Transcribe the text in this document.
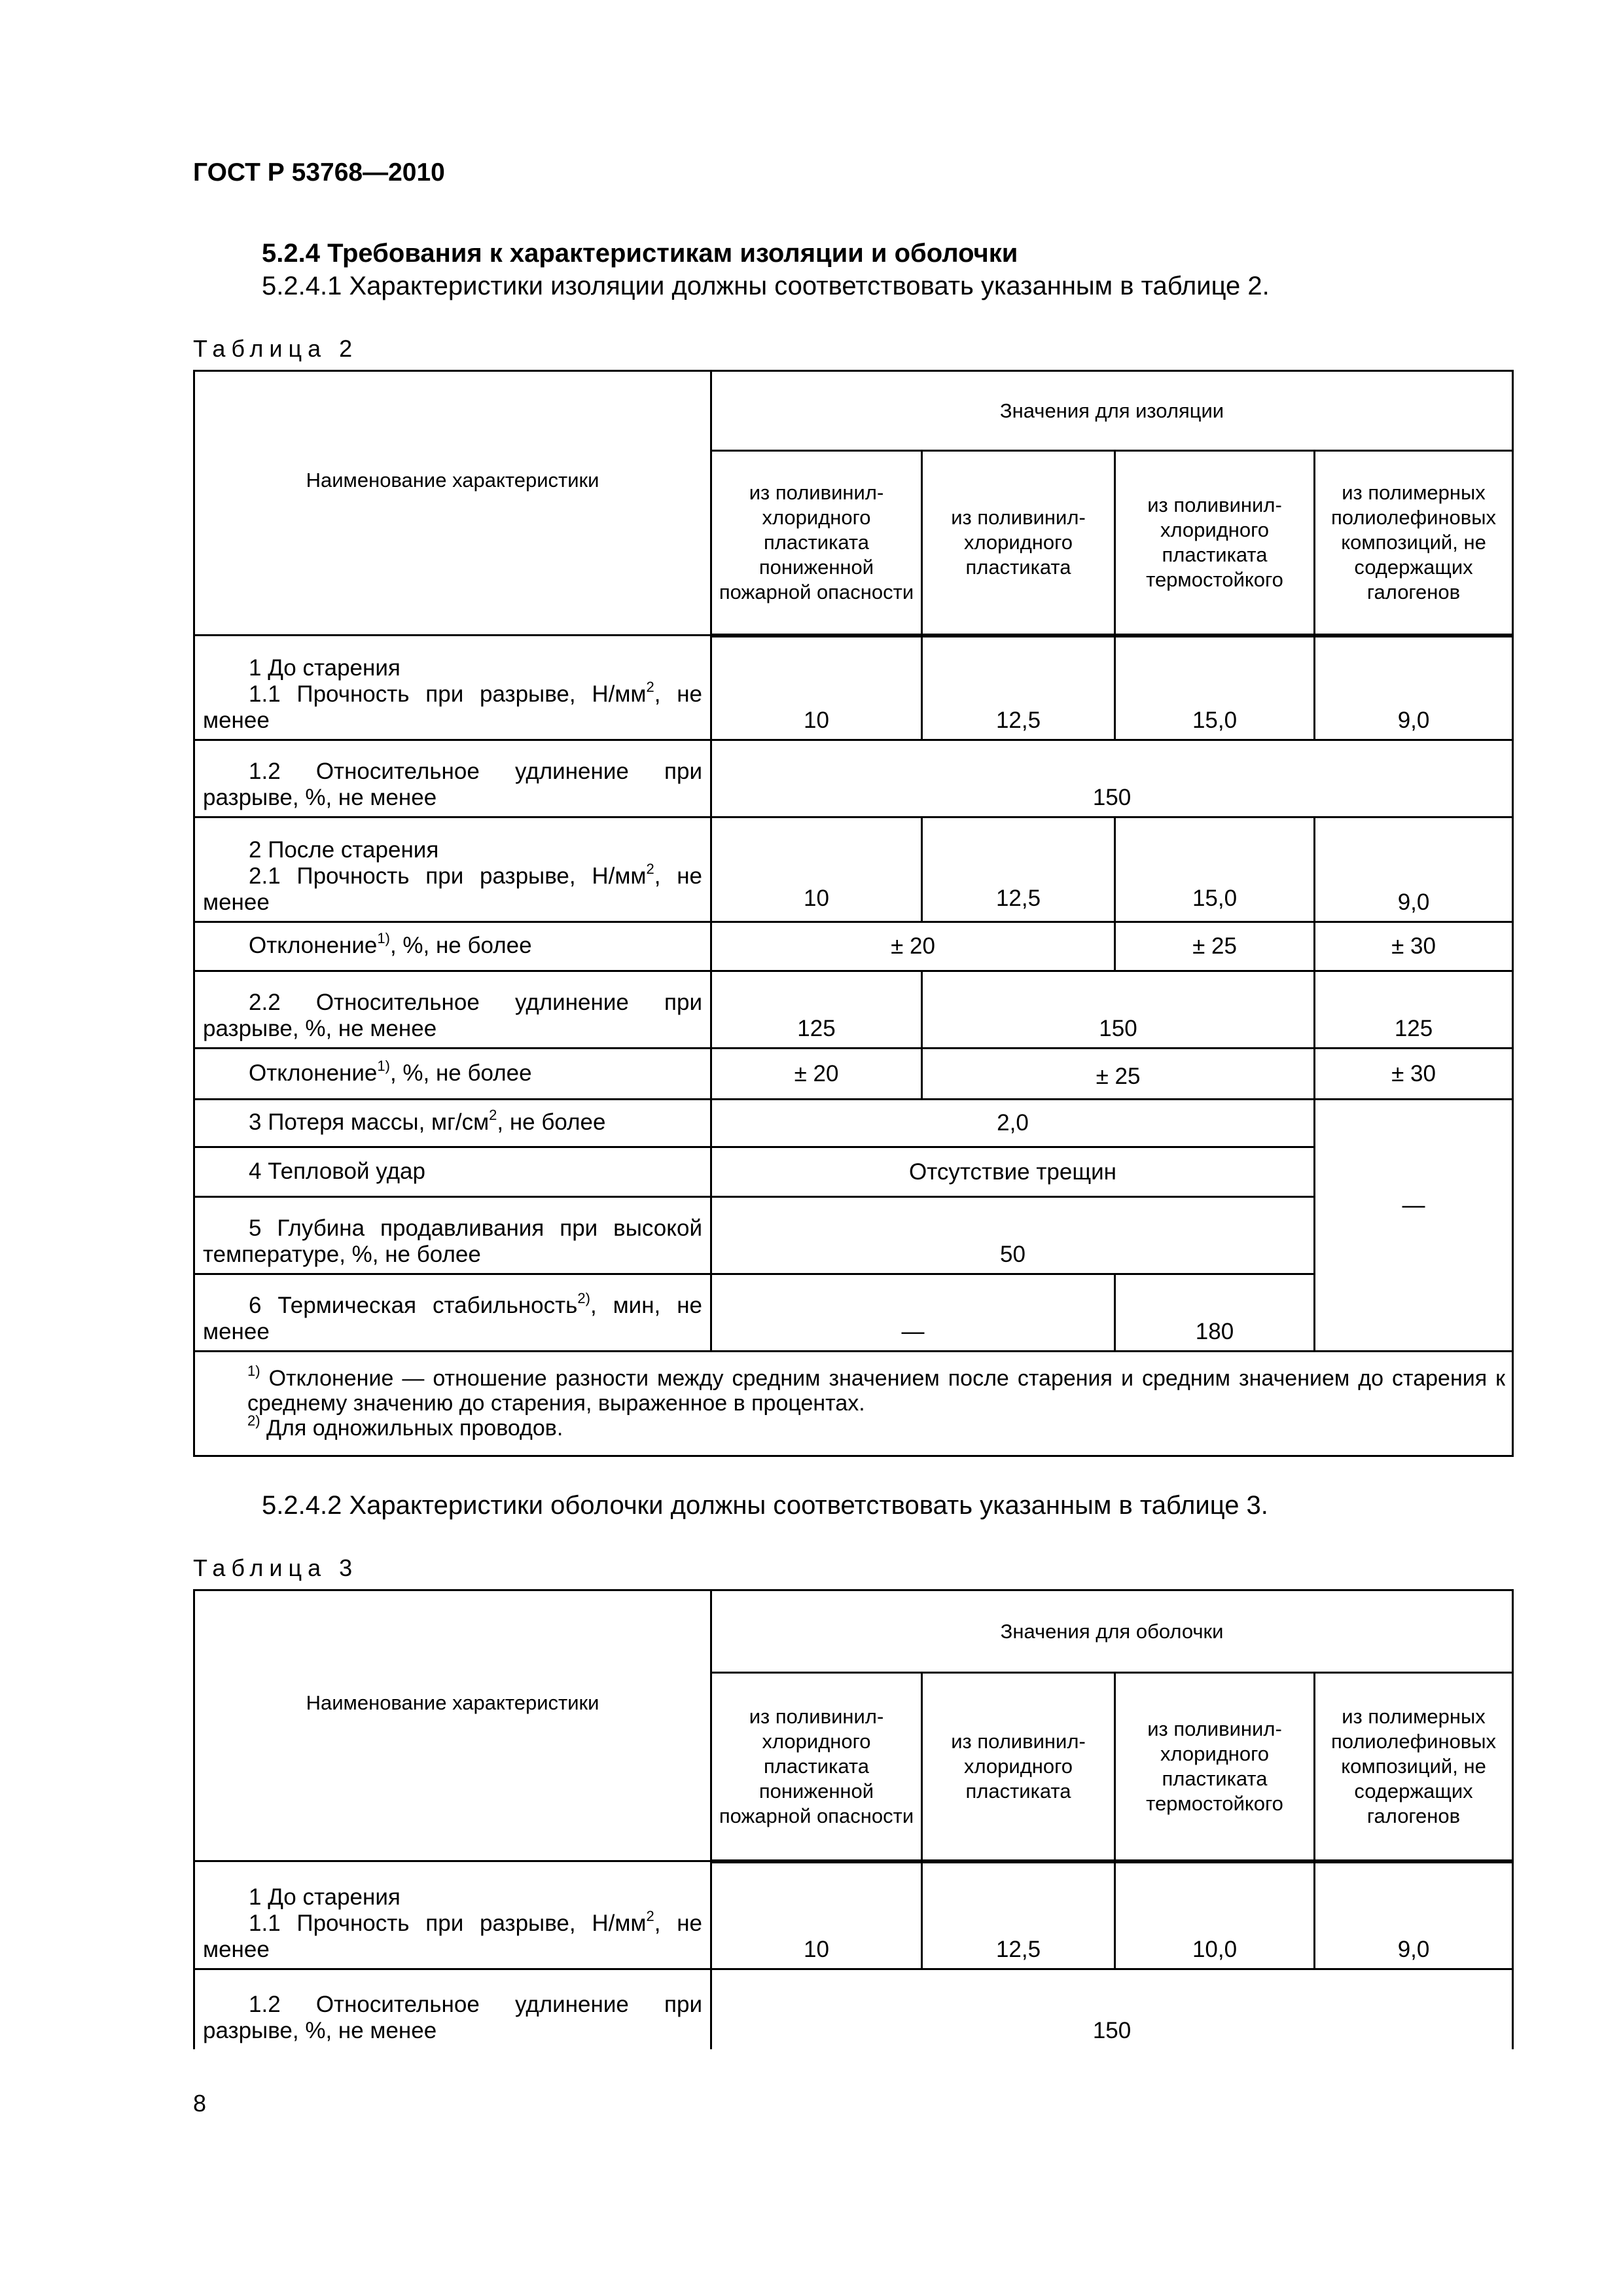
ГОСТ Р 53768—2010
5.2.4 Требования к характеристикам изоляции и оболочки
5.2.4.1 Характеристики изоляции должны соответствовать указанным в таблице 2.
Таблица 2
Наименование характеристики	Значения для изоляции			
	из поливинил-хлоридного пластиката пониженной пожарной опасности	из поливинил-хлоридного пластиката	из поливинил-хлоридного пластиката термостойкого	из полимерных полиолефиновых композиций, не содержащих галогенов

1 До старения
1.1 Прочность при разрыве, $Н/мм^2$, не менее	10	12,5	15,0	9,0

1.2 Относительное удлинение при разрыве, %, не менее	150			

2 После старения
2.1 Прочность при разрыве, $Н/мм^2$, не менее	10	12,5	15,0	9,0

Отклонение$^{1)}$, %, не более	± 20		± 25	± 30

2.2 Относительное удлинение при разрыве, %, не менее	125	150		125

Отклонение$^{1)}$, %, не более	± 20	± 25		± 30

3 Потеря массы, $мг/см^2$, не более	2,0			—

4 Тепловой удар	Отсутствие трещин			

5 Глубина продавливания при высокой температуре, %, не более	50			

6 Термическая стабильность$^{2)}$, мин, не менее	—		180	

$^{1)}$ Отклонение — отношение разности между средним значением после старения и средним значением до старения к среднему значению до старения, выраженное в процентах.
$^{2)}$ Для одножильных проводов.				
5.2.4.2 Характеристики оболочки должны соответствовать указанным в таблице 3.
Таблица 3
Наименование характеристики	Значения для оболочки			
	из поливинил-хлоридного пластиката пониженной пожарной опасности	из поливинил-хлоридного пластиката	из поливинил-хлоридного пластиката термостойкого	из полимерных полиолефиновых композиций, не содержащих галогенов

1 До старения
1.1 Прочность при разрыве, $Н/мм^2$, не менее	10	12,5	10,0	9,0

1.2 Относительное удлинение при разрыве, %, не менее	150			
8
